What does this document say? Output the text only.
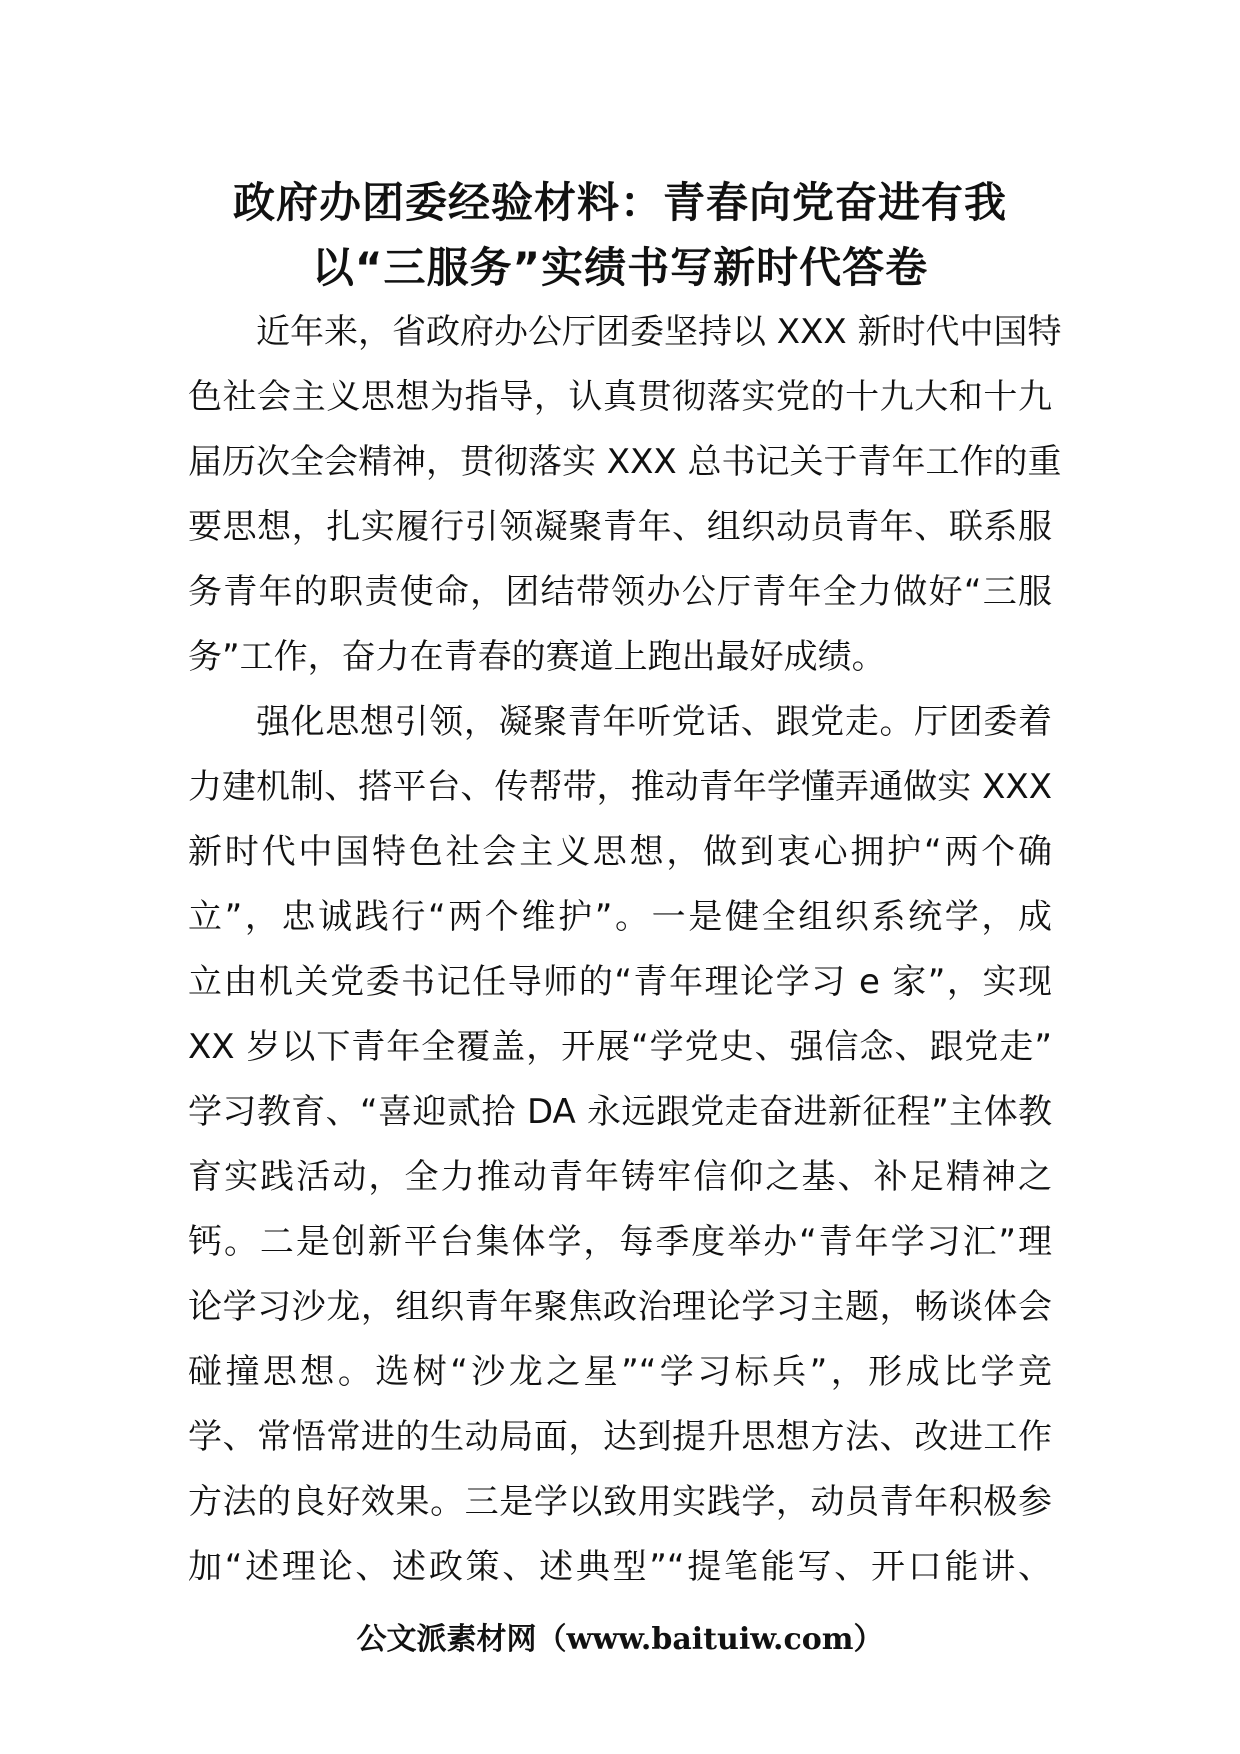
政府办团委经验材料：青春向党奋进有我
以“三服务”实绩书写新时代答卷
近年来，省政府办公厅团委坚持以 XXX 新时代中国特
色社会主义思想为指导，认真贯彻落实党的十九大和十九
届历次全会精神，贯彻落实 XXX 总书记关于青年工作的重
要思想，扎实履行引领凝聚青年、组织动员青年、联系服
务青年的职责使命，团结带领办公厅青年全力做好“三服
务”工作，奋力在青春的赛道上跑出最好成绩。
强化思想引领，凝聚青年听党话、跟党走。厅团委着
力建机制、搭平台、传帮带，推动青年学懂弄通做实 XXX
新时代中国特色社会主义思想，做到衷心拥护“两个确
立”，忠诚践行“两个维护”。一是健全组织系统学，成
立由机关党委书记任导师的“青年理论学习 e 家”，实现
XX 岁以下青年全覆盖，开展“学党史、强信念、跟党走”
学习教育、“喜迎贰拾 DA 永远跟党走奋进新征程”主体教
育实践活动，全力推动青年铸牢信仰之基、补足精神之
钙。二是创新平台集体学，每季度举办“青年学习汇”理
论学习沙龙，组织青年聚焦政治理论学习主题，畅谈体会
碰撞思想。选树“沙龙之星”“学习标兵”，形成比学竞
学、常悟常进的生动局面，达到提升思想方法、改进工作
方法的良好效果。三是学以致用实践学，动员青年积极参
加“述理论、述政策、述典型”“提笔能写、开口能讲、
公文派素材网（www.baituiw.com）
